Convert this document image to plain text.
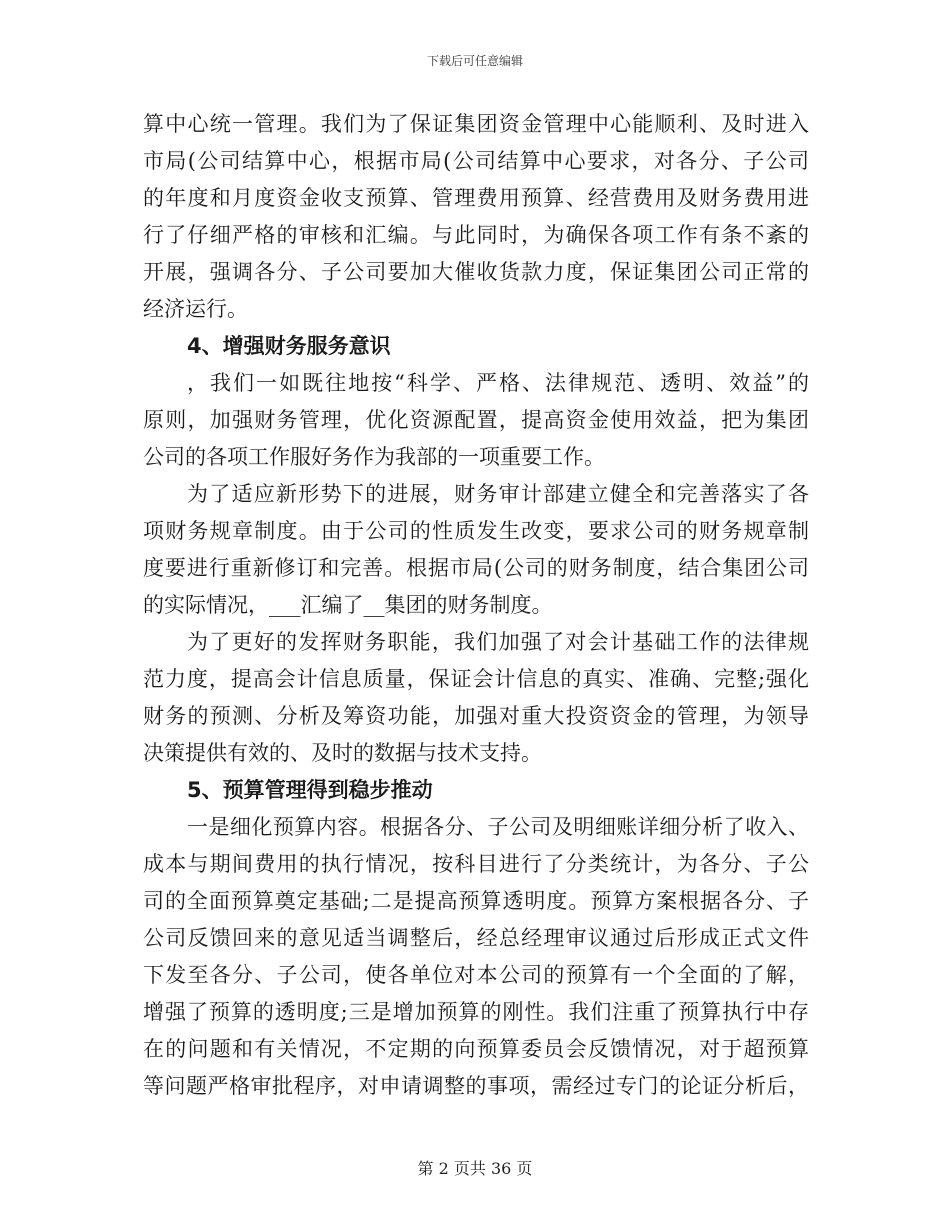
下载后可任意编辑
算中心统一管理。我们为了保证集团资金管理中心能顺利、及时进入
市局(公司结算中心，根据市局(公司结算中心要求，对各分、子公司
的年度和月度资金收支预算、管理费用预算、经营费用及财务费用进
行了仔细严格的审核和汇编。与此同时，为确保各项工作有条不紊的
开展，强调各分、子公司要加大催收货款力度，保证集团公司正常的
经济运行。
4、增强财务服务意识
，我们一如既往地按“科学、严格、法律规范、透明、效益”的
原则，加强财务管理，优化资源配置，提高资金使用效益，把为集团
公司的各项工作服好务作为我部的一项重要工作。
为了适应新形势下的进展，财务审计部建立健全和完善落实了各
项财务规章制度。由于公司的性质发生改变，要求公司的财务规章制
度要进行重新修订和完善。根据市局(公司的财务制度，结合集团公司
的实际情况，___汇编了__集团的财务制度。
为了更好的发挥财务职能，我们加强了对会计基础工作的法律规
范力度，提高会计信息质量，保证会计信息的真实、准确、完整;强化
财务的预测、分析及筹资功能，加强对重大投资资金的管理，为领导
决策提供有效的、及时的数据与技术支持。
5、预算管理得到稳步推动
一是细化预算内容。根据各分、子公司及明细账详细分析了收入、
成本与期间费用的执行情况，按科目进行了分类统计，为各分、子公
司的全面预算奠定基础;二是提高预算透明度。预算方案根据各分、子
公司反馈回来的意见适当调整后，经总经理审议通过后形成正式文件
下发至各分、子公司，使各单位对本公司的预算有一个全面的了解，
增强了预算的透明度;三是增加预算的刚性。我们注重了预算执行中存
在的问题和有关情况，不定期的向预算委员会反馈情况，对于超预算
等问题严格审批程序，对申请调整的事项，需经过专门的论证分析后，
第 2 页共 36 页
